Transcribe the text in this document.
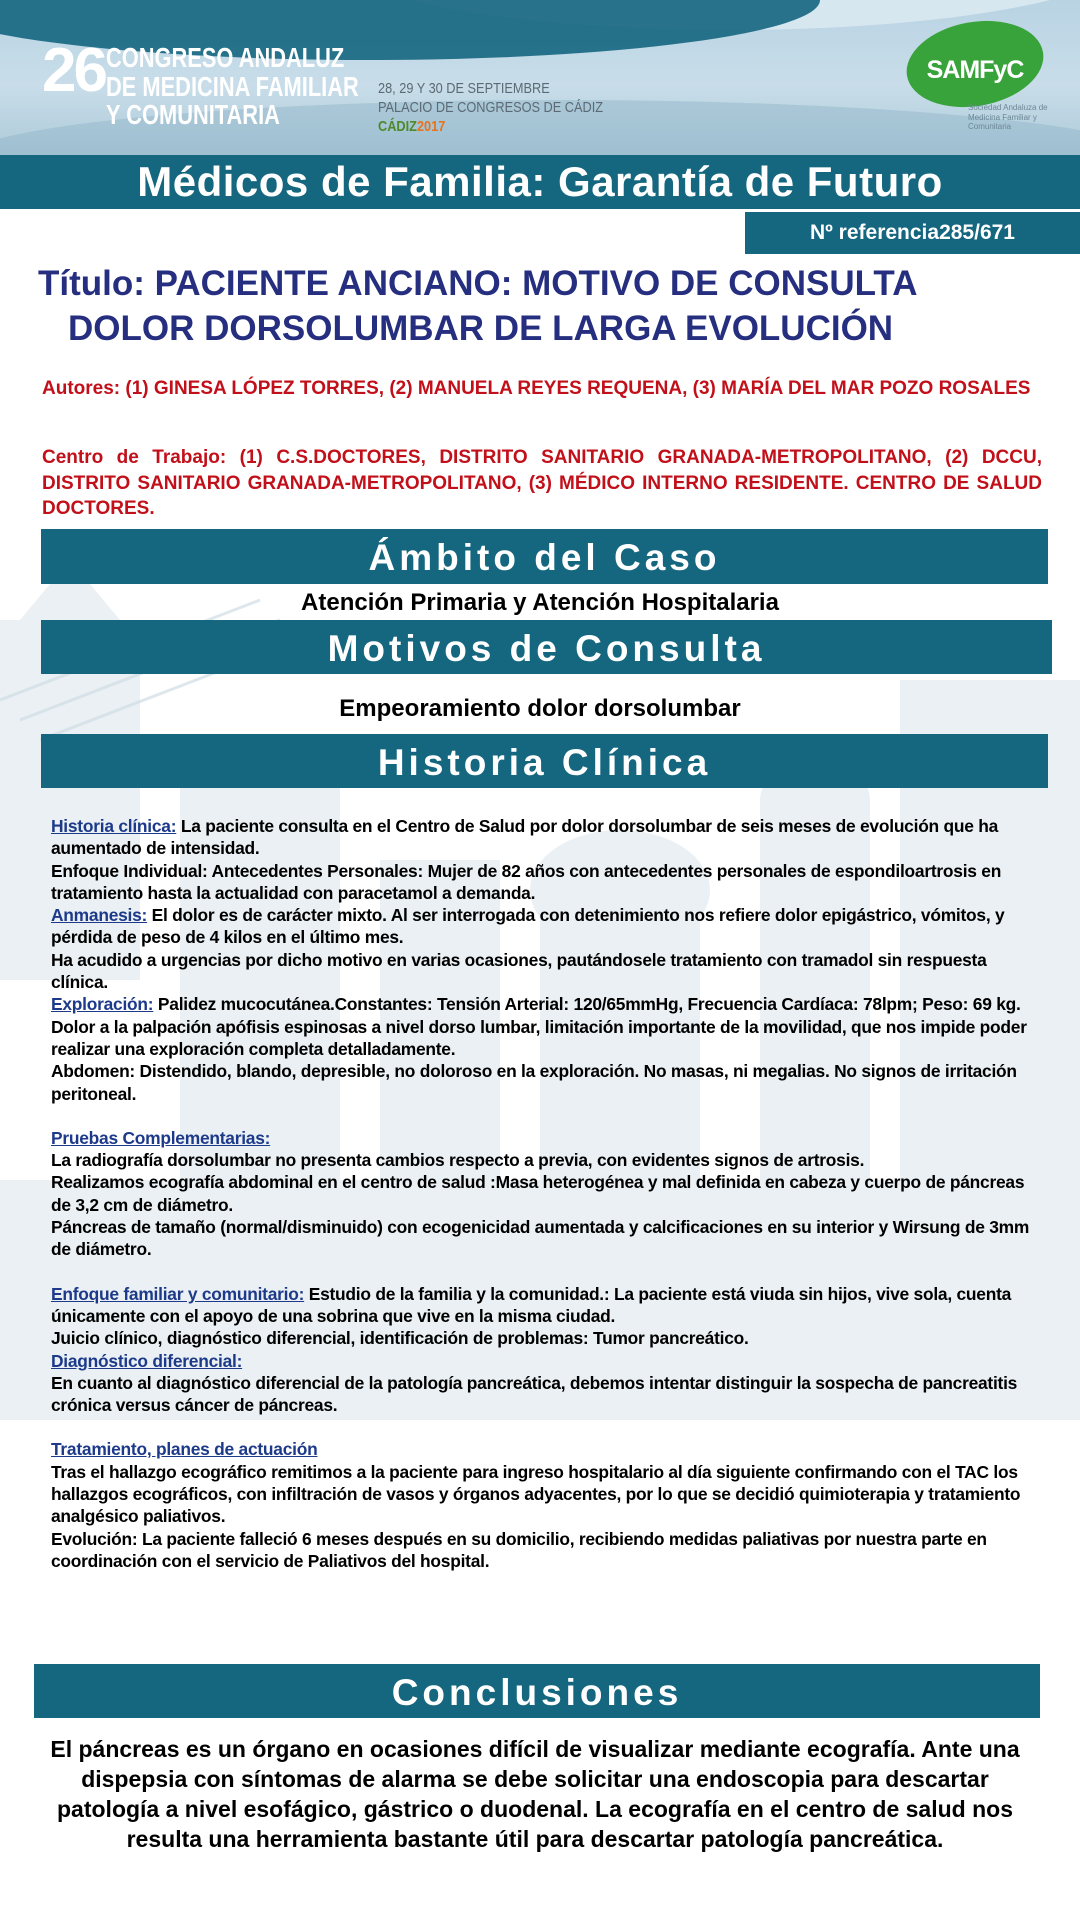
26 CONGRESO ANDALUZ
DE MEDICINA FAMILIAR
Y COMUNITARIA
28, 29 Y 30 DE SEPTIEMBRE
PALACIO DE CONGRESOS DE CÁDIZ
CÁDIZ2017
SAMFyC
Sociedad Andaluza de Medicina Familiar y Comunitaria
Médicos de Familia: Garantía de Futuro
Nº referencia285/671
Título: PACIENTE ANCIANO: MOTIVO DE CONSULTA
DOLOR DORSOLUMBAR DE LARGA EVOLUCIÓN
Autores: (1) GINESA LÓPEZ TORRES, (2) MANUELA REYES REQUENA, (3) MARÍA DEL MAR POZO ROSALES
Centro de Trabajo: (1) C.S.DOCTORES, DISTRITO SANITARIO GRANADA-METROPOLITANO, (2) DCCU, DISTRITO SANITARIO GRANADA-METROPOLITANO, (3) MÉDICO INTERNO RESIDENTE. CENTRO DE SALUD DOCTORES.
Ámbito del Caso
Atención Primaria y Atención Hospitalaria
Motivos de Consulta
Empeoramiento dolor dorsolumbar
Historia Clínica

Historia clínica: La paciente consulta en el Centro de Salud por dolor dorsolumbar de seis meses de evolución que ha aumentado de intensidad.

Enfoque Individual: Antecedentes Personales: Mujer de 82 años con antecedentes personales de espondiloartrosis en tratamiento hasta la actualidad con paracetamol a demanda.

Anmanesis: El dolor es de carácter mixto. Al ser interrogada con detenimiento nos refiere dolor epigástrico, vómitos, y pérdida de peso de 4 kilos en el último mes.

Ha acudido a urgencias por dicho motivo en varias ocasiones, pautándosele tratamiento con tramadol sin respuesta clínica.

Exploración: Palidez mucocutánea.Constantes: Tensión Arterial: 120/65mmHg, Frecuencia Cardíaca: 78lpm; Peso: 69 kg.

Dolor a la palpación apófisis espinosas a nivel dorso lumbar, limitación importante de la movilidad, que nos impide poder realizar una exploración completa detalladamente.

Abdomen: Distendido, blando, depresible, no doloroso en la exploración. No masas, ni megalias. No signos de irritación peritoneal.

Pruebas Complementarias:

La radiografía dorsolumbar no presenta cambios respecto a previa, con evidentes signos de artrosis.

Realizamos ecografía abdominal en el centro de salud :Masa heterogénea y mal definida en cabeza y cuerpo de páncreas de 3,2 cm de diámetro.

Páncreas de tamaño (normal/disminuido) con ecogenicidad aumentada y calcificaciones en su interior y Wirsung de 3mm de diámetro.

Enfoque familiar y comunitario: Estudio de la familia y la comunidad.: La paciente está viuda sin hijos, vive sola, cuenta únicamente con el apoyo de una sobrina que vive en la misma ciudad.

Juicio clínico, diagnóstico diferencial, identificación de problemas: Tumor pancreático.

Diagnóstico diferencial:

En cuanto al diagnóstico diferencial de la patología pancreática, debemos intentar distinguir la sospecha de pancreatitis crónica versus cáncer de páncreas.

Tratamiento, planes de actuación

Tras el hallazgo ecográfico remitimos a la paciente para ingreso hospitalario al día siguiente confirmando con el TAC los hallazgos ecográficos, con infiltración de vasos y órganos adyacentes, por lo que se decidió quimioterapia y tratamiento analgésico paliativos.

Evolución: La paciente falleció 6 meses después en su domicilio, recibiendo medidas paliativas por nuestra parte en coordinación con el servicio de Paliativos del hospital.

Conclusiones
El páncreas es un órgano en ocasiones difícil de visualizar mediante ecografía. Ante una dispepsia con síntomas de alarma se debe solicitar una endoscopia para descartar patología a nivel esofágico, gástrico o duodenal. La ecografía en el centro de salud nos resulta una herramienta bastante útil para descartar patología pancreática.
